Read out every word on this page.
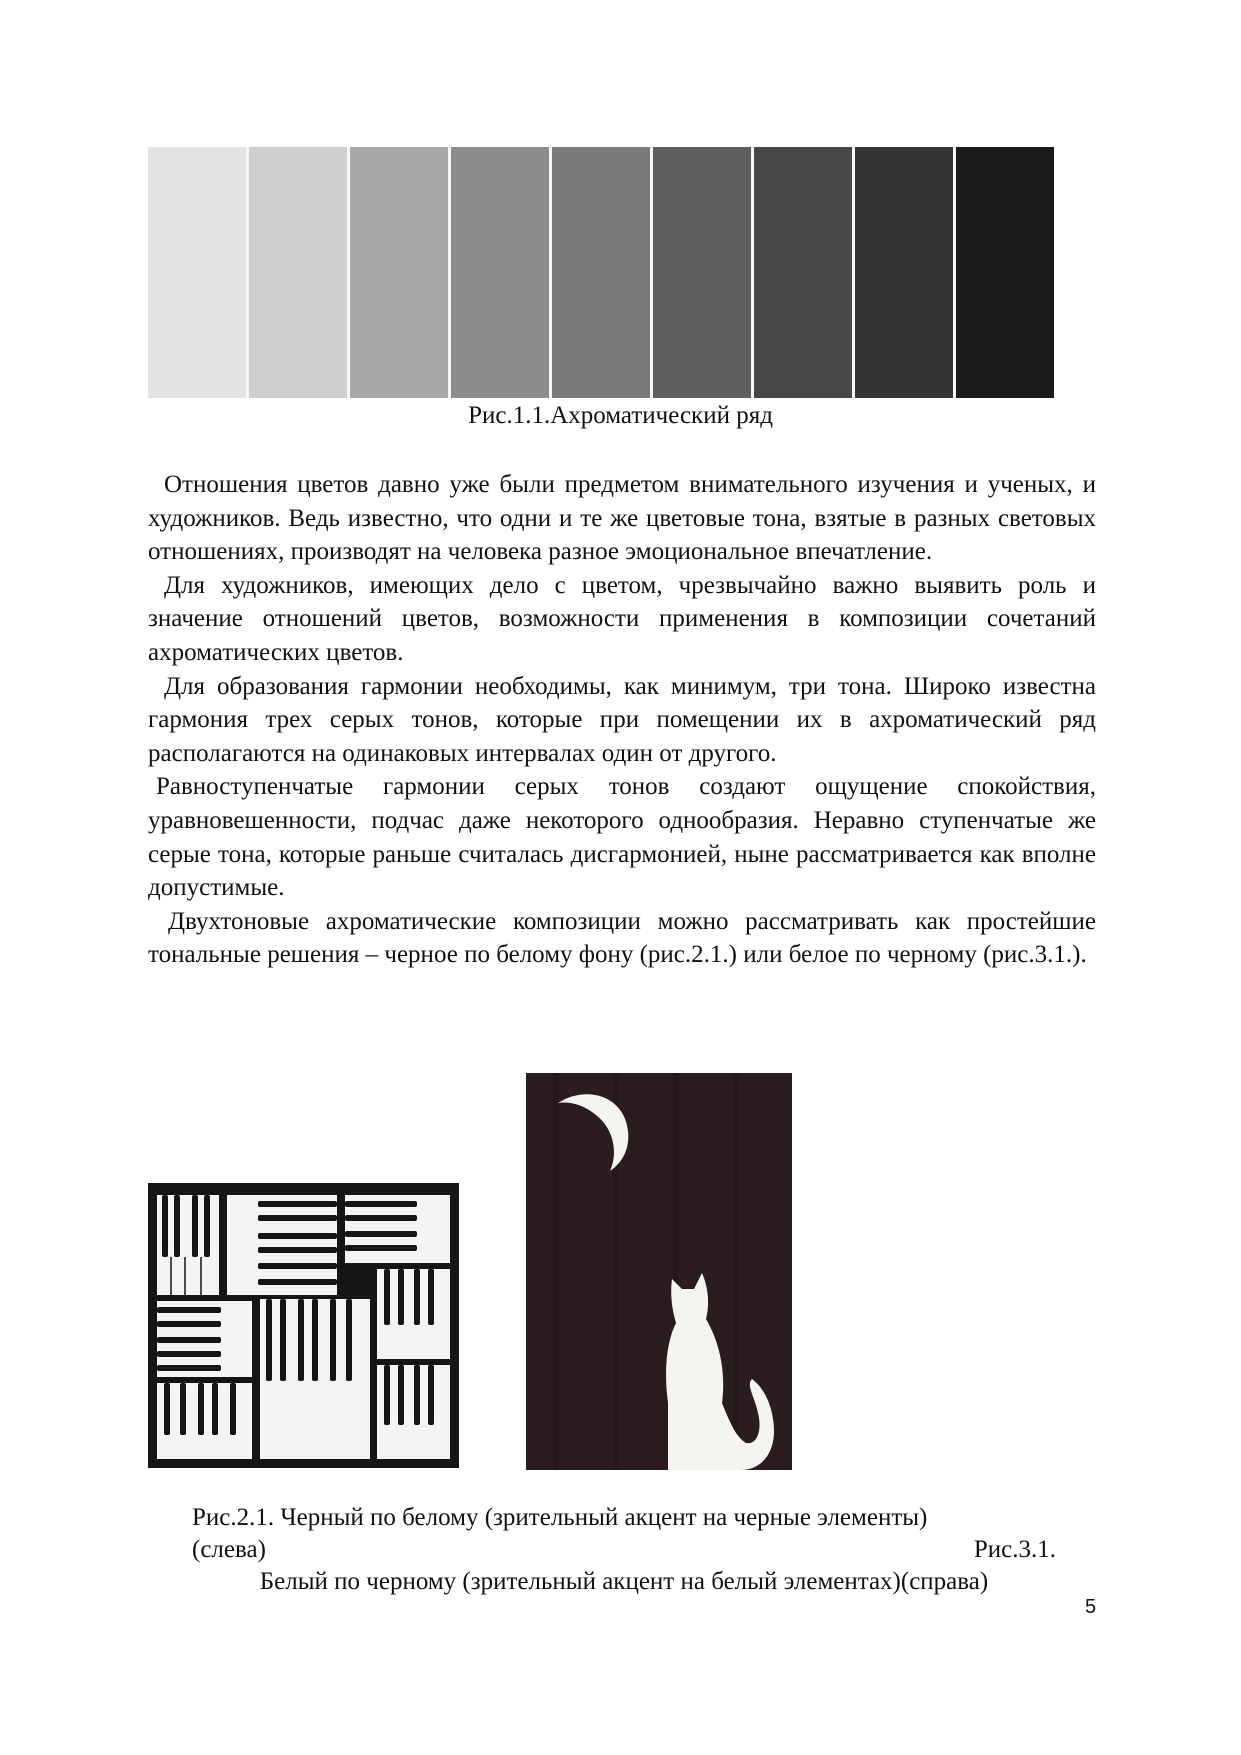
Рис.1.1.Ахроматический ряд

Отношения цветов давно уже были предметом внимательного изучения и ученых, и художников. Ведь известно, что одни и те же цветовые тона, взятые в разных световых отношениях, производят на человека разное эмоциональное впечатление.

Для художников, имеющих дело с цветом, чрезвычайно важно выявить роль и значение отношений цветов, возможности применения в композиции сочетаний ахроматических цветов.

Для образования гармонии необходимы, как минимум, три тона. Широко известна гармония трех серых тонов, которые при помещении их в ахроматический ряд располагаются на одинаковых интервалах один от другого.

Равноступенчатые гармонии серых тонов создают ощущение спокойствия, уравновешенности, подчас даже некоторого однообразия. Неравно ступенчатые же серые тона, которые раньше считалась дисгармонией, ныне рассматривается как вполне допустимые.

Двухтоновые ахроматические композиции можно рассматривать как простейшие тональные решения – черное по белому фону (рис.2.1.) или белое по черному (рис.3.1.).

Рис.2.1. Черный по белому (зрительный акцент на черные элементы)
(слева)	Рис.3.1.
Белый по черному (зрительный акцент на белый элементах)(справа)
5
